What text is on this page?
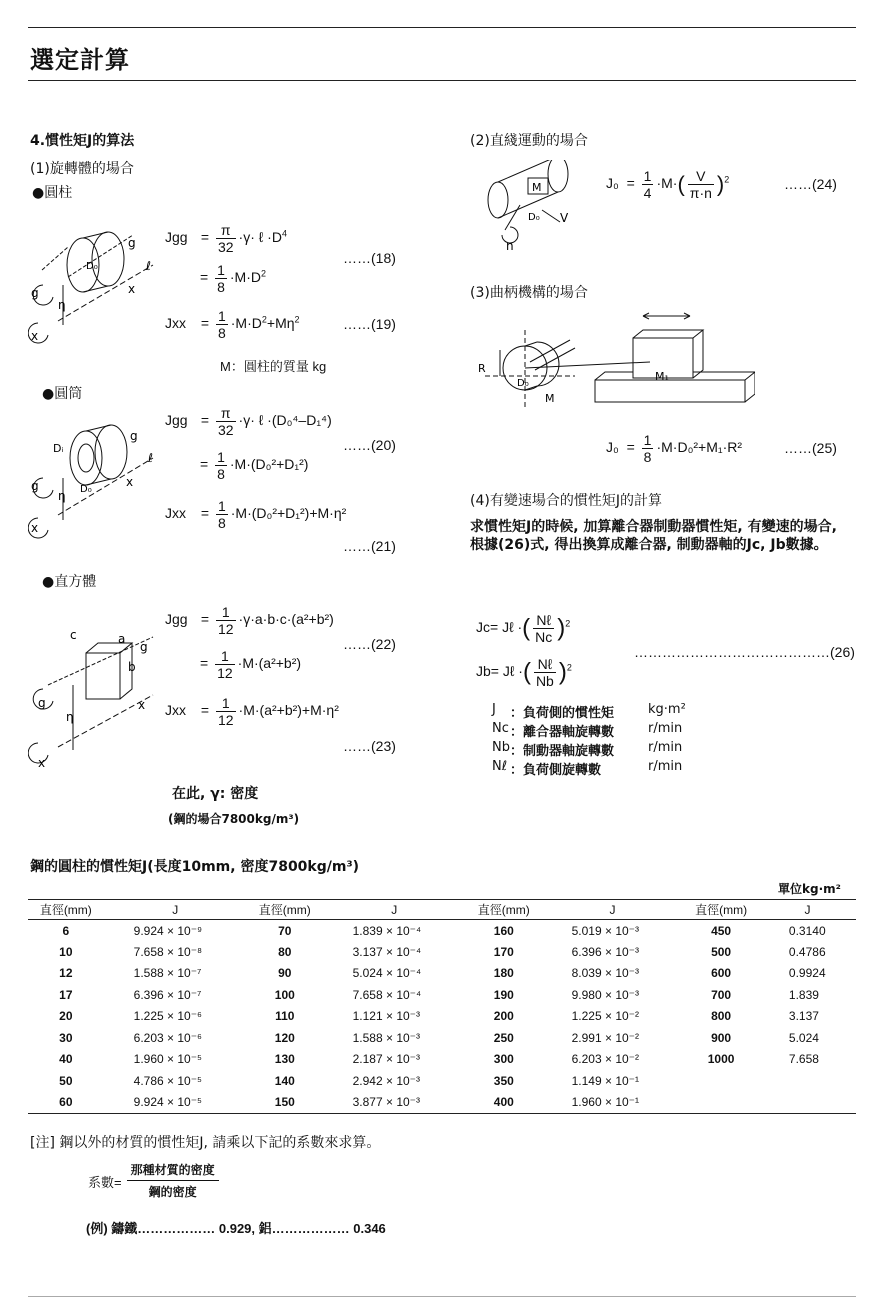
選定計算
4.慣性矩J的算法
(1)旋轉體的場合
●圓柱
g
ℓ
D₀
x
g
η
x
Jgg = $\frac{\pi}{32} \cdot\gamma\cdot$ ℓ $\cdot D^4$
……(18)
= $\frac{1}{8} \cdot M\cdot D^2$
Jxx = $\frac{1}{8} \cdot M\cdot D^2+M\eta^2$	……(19)
M：圓柱的質量 kg
●圓筒
Dᵢ
g
ℓ
D₀
x
g
η
x
Jgg = $\frac{\pi}{32} \cdot\gamma\cdot$ ℓ ·(D₀⁴–D₁⁴)
……(20)
= $\frac{1}{8} \cdot M\cdot(D_0^2+D_1^2)$
Jxx = $\frac{1}{8} \cdot M\cdot(D_0^2+D_1^2)+M\cdot\eta^2$
……(21)
●直方體
c	a
g
b
x
g
η
x
Jgg = $\frac{1}{12} \cdot\gamma\cdot a\cdot b\cdot c\cdot(a^2+b^2)$
……(22)
= $\frac{1}{12} \cdot M\cdot(a^2+b^2)$
Jxx = $\frac{1}{12} \cdot M\cdot(a^2+b^2)+M\cdot\eta^2$
……(23)
在此, γ: 密度
(鋼的場合7800kg/m³)
(2)直綫運動的場合
M
D₀ V
n
$J_0 = \frac{1}{4} \cdot M\cdot( \frac{V}{\pi\cdot n} )^2$	……(24)
(3)曲柄機構的場合
R
D₀
M
M₁
$J_0 = \frac{1}{8} \cdot M\cdot D_0^2+M_1\cdot R^2$	……(25)
(4)有變速場合的慣性矩J的計算
求慣性矩J的時候, 加算離合器制動器慣性矩, 有變速的場合, 根據(26)式, 得出換算成離合器, 制動器軸的Jc, Jb數據。
Jc= Jℓ ·( $\frac{\text{Nℓ}}{Nc} )^2$
Jb= Jℓ ·( $\frac{\text{Nℓ}}{Nb} )^2$
……………………………………(26)
J	：負荷側的慣性矩	kg·m²
Nc ：離合器軸旋轉數	r/min
Nb ：制動器軸旋轉數	r/min
Nℓ ：負荷側旋轉數	r/min
鋼的圓柱的慣性矩J(長度10mm, 密度7800kg/m³)
單位kg·m²
直徑(mm)	J	直徑(mm)	J	直徑(mm)	J	直徑(mm)	J
6	9.924 × 10⁻⁹	70	1.839 × 10⁻⁴	160	5.019 × 10⁻³	450	0.3140
10	7.658 × 10⁻⁸	80	3.137 × 10⁻⁴	170	6.396 × 10⁻³	500	0.4786
12	1.588 × 10⁻⁷	90	5.024 × 10⁻⁴	180	8.039 × 10⁻³	600	0.9924
17	6.396 × 10⁻⁷	100	7.658 × 10⁻⁴	190	9.980 × 10⁻³	700	1.839
20	1.225 × 10⁻⁶	110	1.121 × 10⁻³	200	1.225 × 10⁻²	800	3.137
30	6.203 × 10⁻⁶	120	1.588 × 10⁻³	250	2.991 × 10⁻²	900	5.024
40	1.960 × 10⁻⁵	130	2.187 × 10⁻³	300	6.203 × 10⁻²	1000	7.658
50	4.786 × 10⁻⁵	140	2.942 × 10⁻³	350	1.149 × 10⁻¹		
60	9.924 × 10⁻⁵	150	3.877 × 10⁻³	400	1.960 × 10⁻¹		
[注] 鋼以外的材質的慣性矩J, 請乘以下記的系數來求算。
系數= $\frac{\text{那種材質的密度}}{\text{鋼的密度}}$
(例) 鑄鐵……………… 0.929, 鋁……………… 0.346
